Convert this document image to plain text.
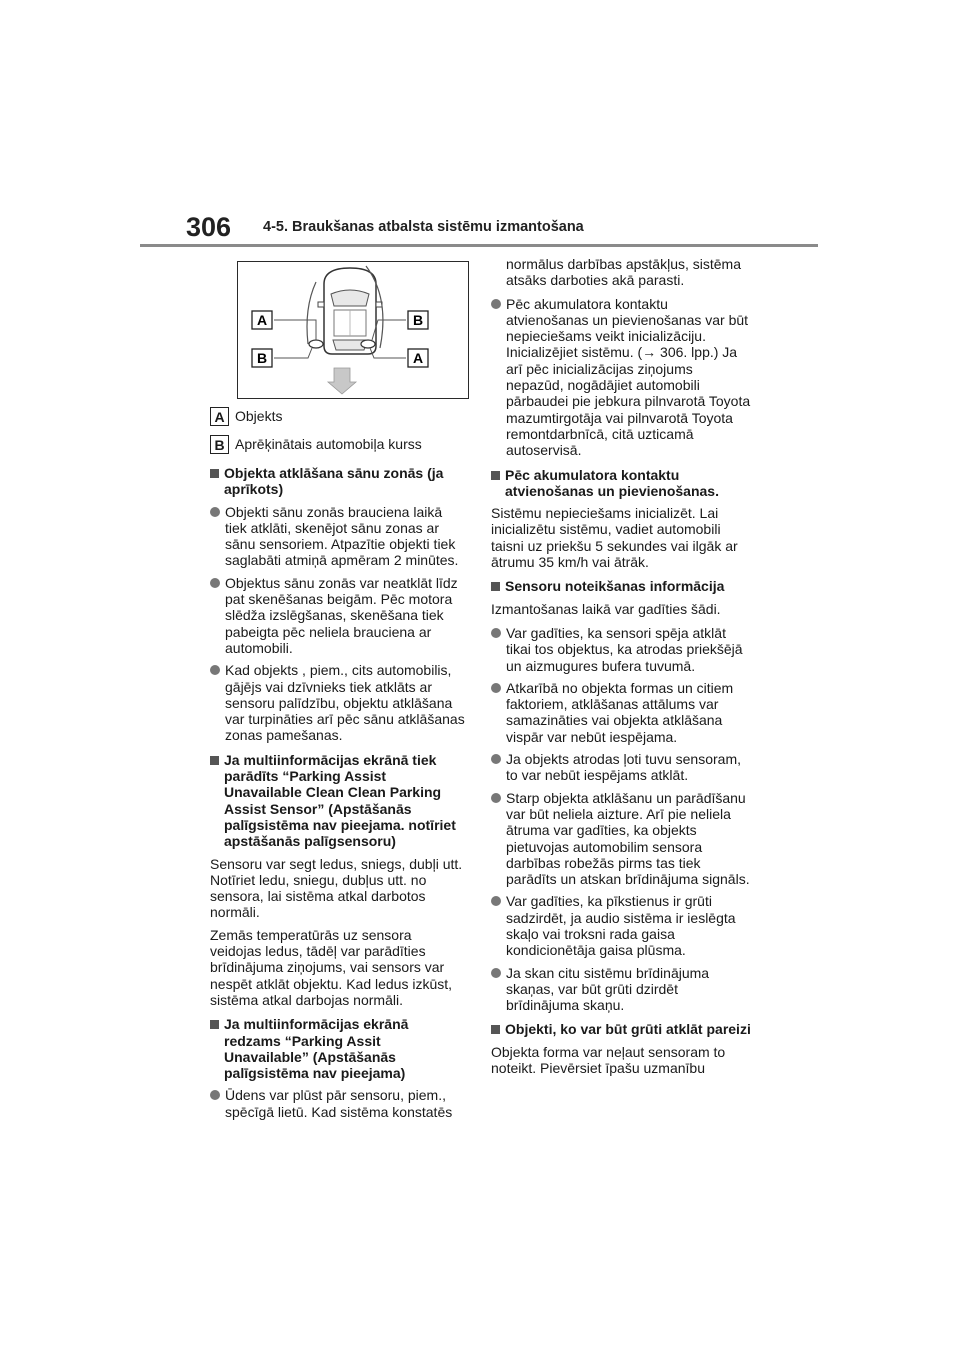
306 4-5. Braukšanas atbalsta sistēmu izmantošana
A
B
B
A
A Objekts
B Aprēķinātais automobiļa kurss
Objekta atklāšana sānu zonās (ja aprīkots)
Objekti sānu zonās brauciena laikā tiek atklāti, skenējot sānu zonas ar sānu sensoriem. Atpazītie objekti tiek saglabāti atmiņā apmēram 2 minūtes.
Objektus sānu zonās var neatklāt līdz pat skenēšanas beigām. Pēc motora slēdža izslēgšanas, skenēšana tiek pabeigta pēc neliela brauciena ar automobili.
Kad objekts , piem., cits automobilis, gājējs vai dzīvnieks tiek atklāts ar sensoru palīdzību, objektu atklāšana var turpināties arī pēc sānu atklāšanas zonas pamešanas.
Ja multiinformācijas ekrānā tiek parādīts “Parking Assist Unavailable Clean Clean Parking Assist Sensor” (Apstāšanās palīgsistēma nav pieejama. notīriet apstāšanās palīgsensoru)

Sensoru var segt ledus, sniegs, dubļi utt. Notīriet ledu, sniegu, dubļus utt. no sensora, lai sistēma atkal darbotos normāli.

Zemās temperatūrās uz sensora veidojas ledus, tādēļ var parādīties brīdinājuma ziņojums, vai sensors var nespēt atklāt objektu. Kad ledus izkūst, sistēma atkal darbojas normāli.

Ja multiinformācijas ekrānā redzams “Parking Assit Unavailable” (Apstāšanās palīgsistēma nav pieejama)
Ūdens var plūst pār sensoru, piem., spēcīgā lietū. Kad sistēma konstatēs

normālus darbības apstākļus, sistēma atsāks darboties akā parasti.

Pēc akumulatora kontaktu atvienošanas un pievienošanas var būt nepieciešams veikt inicializāciju. Inicializējiet sistēmu. (→ 306. lpp.) Ja arī pēc inicializācijas ziņojums nepazūd, nogādājiet automobili pārbaudei pie jebkura pilnvarotā Toyota mazumtirgotāja vai pilnvarotā Toyota remontdarbnīcā, citā uzticamā autoservisā.
Pēc akumulatora kontaktu atvienošanas un pievienošanas.

Sistēmu nepieciešams inicializēt. Lai inicializētu sistēmu, vadiet automobili taisni uz priekšu 5 sekundes vai ilgāk ar ātrumu 35 km/h vai ātrāk.

Sensoru noteikšanas informācija

Izmantošanas laikā var gadīties šādi.

Var gadīties, ka sensori spēja atklāt tikai tos objektus, ka atrodas priekšējā un aizmugures bufera tuvumā.
Atkarībā no objekta formas un citiem faktoriem, atklāšanas attālums var samazināties vai objekta atklāšana vispār var nebūt iespējama.
Ja objekts atrodas ļoti tuvu sensoram, to var nebūt iespējams atklāt.
Starp objekta atklāšanu un parādīšanu var būt neliela aizture. Arī pie neliela ātruma var gadīties, ka objekts pietuvojas automobilim sensora darbības robežās pirms tas tiek parādīts un atskan brīdinājuma signāls.
Var gadīties, ka pīkstienus ir grūti sadzirdēt, ja audio sistēma ir ieslēgta skaļo vai troksni rada gaisa kondicionētāja gaisa plūsma.
Ja skan citu sistēmu brīdinājuma skaņas, var būt grūti dzirdēt brīdinājuma skaņu.
Objekti, ko var būt grūti atklāt pareizi

Objekta forma var neļaut sensoram to noteikt. Pievērsiet īpašu uzmanību
